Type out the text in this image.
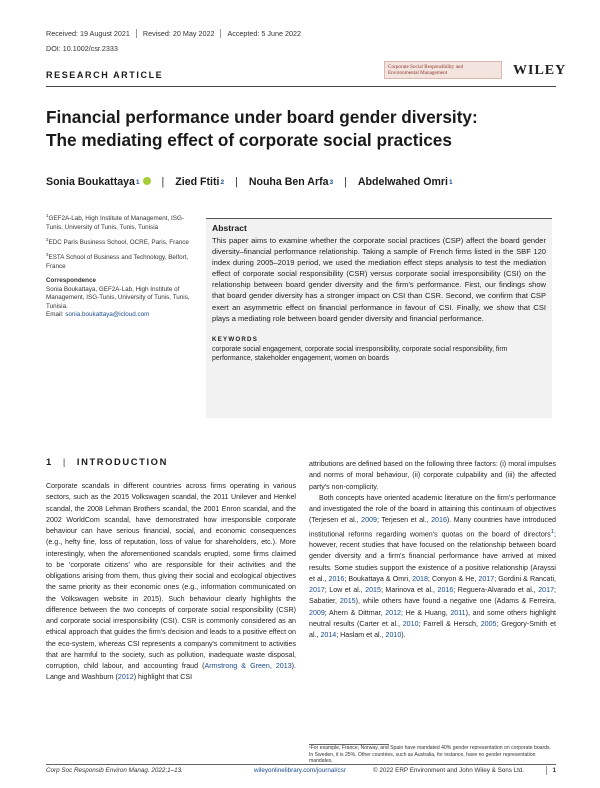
Received: 19 August 2021 Revised: 20 May 2022 Accepted: 5 June 2022
DOI: 10.1002/csr.2333
RESEARCH ARTICLE
Corporate Social Responsibility and
Environmental Management	WILEY
Financial performance under board gender diversity:
The mediating effect of corporate social practices
Sonia Boukattaya 1 | Zied Ftiti 2 | Nouha Ben Arfa 3 | Abdelwahed Omri 1

$^1$GEF2A-Lab, High Institute of Management, ISG-Tunis, University of Tunis, Tunis, Tunisia

$^2$EDC Paris Business School, OCRE, Paris, France

$^3$ESTA School of Business and Technology, Belfort, France

Correspondence
Sonia Boukattaya, GEF2A-Lab, High Institute of Management, ISG-Tunis, University of Tunis, Tunis, Tunisia.
Email: sonia.boukattaya@icloud.com
Abstract
This paper aims to examine whether the corporate social practices (CSP) affect the board gender diversity–financial performance relationship. Taking a sample of French firms listed in the SBF 120 index during 2005–2019 period, we used the mediation effect steps analysis to test the mediation effect of corporate social responsibility (CSR) versus corporate social irresponsibility (CSI) on the relationship between board gender diversity and the firm's performance. First, our findings show that board gender diversity has a stronger impact on CSI than CSR. Second, we confirm that CSP exert an asymmetric effect on financial performance in favour of CSI. Finally, we show that CSI plays a mediating role between board gender diversity and financial performance.
KEYWORDS
corporate social engagement, corporate social irresponsibility, corporate social responsibility, firm performance, stakeholder engagement, women on boards
1 | INTRODUCTION

Corporate scandals in different countries across firms operating in various sectors, such as the 2015 Volkswagen scandal, the 2011 Unilever and Henkel scandal, the 2008 Lehman Brothers scandal, the 2001 Enron scandal, and the 2002 WorldCom scandal, have demonstrated how irresponsible corporate behaviour can have serious financial, social, and economic consequences (e.g., hefty fine, loss of reputation, loss of value for shareholders, etc.). More interestingly, when the aforementioned scandals erupted, some firms claimed to be ‘corporate citizens’ who are responsible for their activities and the obligations arising from them, thus giving their social and ecological objectives the same priority as their economic ones (e.g., information communicated on the Volkswagen website in 2015). Such behaviour clearly highlights the difference between the two concepts of corporate social responsibility (CSR) and corporate social irresponsibility (CSI). CSR is commonly considered as an ethical approach that guides the firm's decision and leads to a positive effect on the eco-system, whereas CSI represents a company's commitment to activities that are harmful to the society, such as pollution, inadequate waste disposal, corruption, child labour, and accounting fraud (Armstrong & Green, 2013). Lange and Washburn (2012) highlight that CSI

attributions are defined based on the following three factors: (i) moral impulses and norms of moral behaviour, (ii) corporate culpability and (iii) the affected party's non-complicity.

Both concepts have oriented academic literature on the firm's performance and investigated the role of the board in attaining this continuum of objectives (Terjesen et al., 2009; Terjesen et al., 2016). Many countries have introduced institutional reforms regarding women's quotas on the board of directors$^1$; however, recent studies that have focused on the relationship between board gender diversity and a firm's financial performance have arrived at mixed results. Some studies support the existence of a positive relationship (Arayssi et al., 2016; Boukattaya & Omri, 2018; Conyon & He, 2017; Gordini & Rancati, 2017; Low et al., 2015; Marinova et al., 2016; Reguera-Alvarado et al., 2017; Sabatier, 2015), while others have found a negative one (Adams & Ferreira, 2009; Ahern & Dittmar, 2012; He & Huang, 2011), and some others highlight neutral results (Carter et al., 2010; Farrell & Hersch, 2005; Gregory-Smith et al., 2014; Haslam et al., 2010).

¹For example, France, Norway, and Spain have mandated 40% gender representation on corporate boards. In Sweden, it is 25%. Other countries, such as Australia, for instance, have no gender representation mandates.
Corp Soc Responsib Environ Manag. 2022;1–13.	wileyonlinelibrary.com/journal/csr	© 2022 ERP Environment and John Wiley & Sons Ltd.	1
